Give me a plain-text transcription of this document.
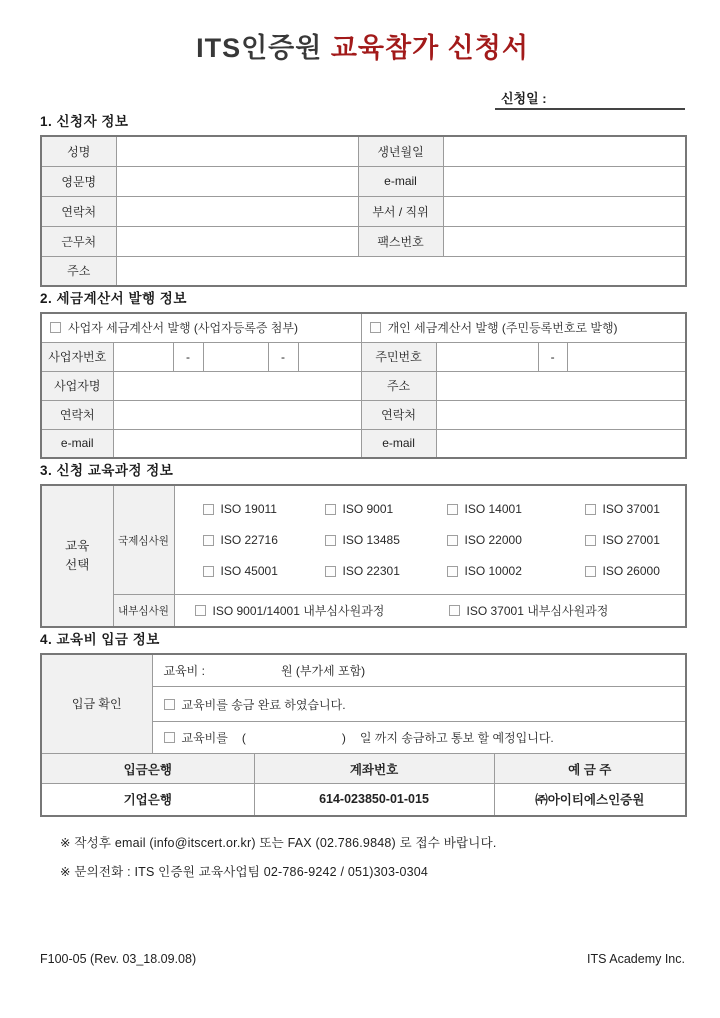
ITS인증원 교육참가 신청서
신청일 :
1. 신청자 정보
성명		생년월일	
영문명		e-mail	
연락처		부서 / 직위	
근무처		팩스번호	
주소			
2. 세금계산서 발행 정보
사업자 세금계산서 발행 (사업자등록증 첨부)						개인 세금계산서 발행 (주민등록번호로 발행)			

사업자번호		-		-		주민번호		-	
사업자명						주소			
연락처						연락처			
e-mail						e-mail			
3. 신청 교육과정 정보
교육
선택
	국제심사원	
ISO 19011	ISO 9001	ISO 14001	ISO 37001
ISO 22716	ISO 13485	ISO 22000	ISO 27001
ISO 45001	ISO 22301	ISO 10002	ISO 26000

	내부심사원	ISO 9001/14001 내부심사원과정 ISO 37001 내부심사원과정
4. 교육비 입금 정보
입금 확인	교육비 : 원 (부가세 포함)		

	교육비를 송금 완료 하였습니다.		

	교육비를 ( ) 일 까지 송금하고 통보 할 예정입니다.		

입금은행		계좌번호	예 금 주
기업은행		614-023850-01-015	㈜아이티에스인증원
※ 작성후 email (info@itscert.or.kr) 또는 FAX (02.786.9848) 로 접수 바랍니다.
※ 문의전화 : ITS 인증원 교육사업팀 02-786-9242 / 051)303-0304
F100-05 (Rev. 03_18.09.08)	ITS Academy Inc.
